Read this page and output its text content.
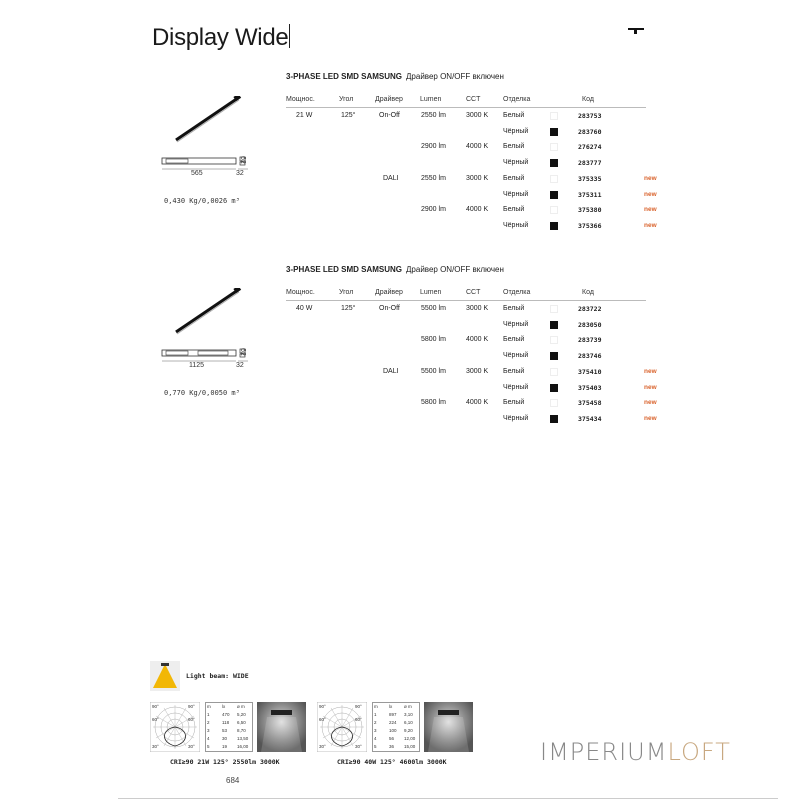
Display Wide
3-PHASE LED SMD SAMSUNG Драйвер ON/OFF включен
Мощнос.	Угол	Драйвер Lumen	CCT	Отделка	Код
21 W	125°	On-Off	2550 lm	3000 K Белый	283753
Чёрный	283760
2900 lm	4000 K Белый	276274
Чёрный	283777
DALI	2550 lm	3000 K Белый	375335	new
Чёрный	375311	new
2900 lm	4000 K Белый	375380	new
Чёрный	375366	new
565	32
62
0,430 Kg/0,0026 m³
3-PHASE LED SMD SAMSUNG Драйвер ON/OFF включен
Мощнос.	Угол	Драйвер Lumen	CCT	Отделка	Код
40 W	125°	On-Off	5500 lm	3000 K Белый	283722
Чёрный	283050
5800 lm	4000 K Белый	283739
Чёрный	283746
DALI	5500 lm	3000 K Белый	375410	new
Чёрный	375403	new
5800 lm	4000 K Белый	375458	new
Чёрный	375434	new
1125	32
62
0,770 Kg/0,0050 m³
Light beam: WIDE
90°	90°
60°	60°
30°	30°
m	lx	ø m
1	470 5,20
2	118 6,50
3	53 8,70
4	30 13,50
5	19 16,00
CRI≥90 21W 125° 2550lm 3000K
90°	90°
60°	60°
30°	30°
m	lx	ø m
1	897 3,10
2	224 6,10
3	100 9,20
4	56 12,00
5	36 15,00
CRI≥90 40W 125° 4600lm 3000K
684
IMPERIUMLOFT
